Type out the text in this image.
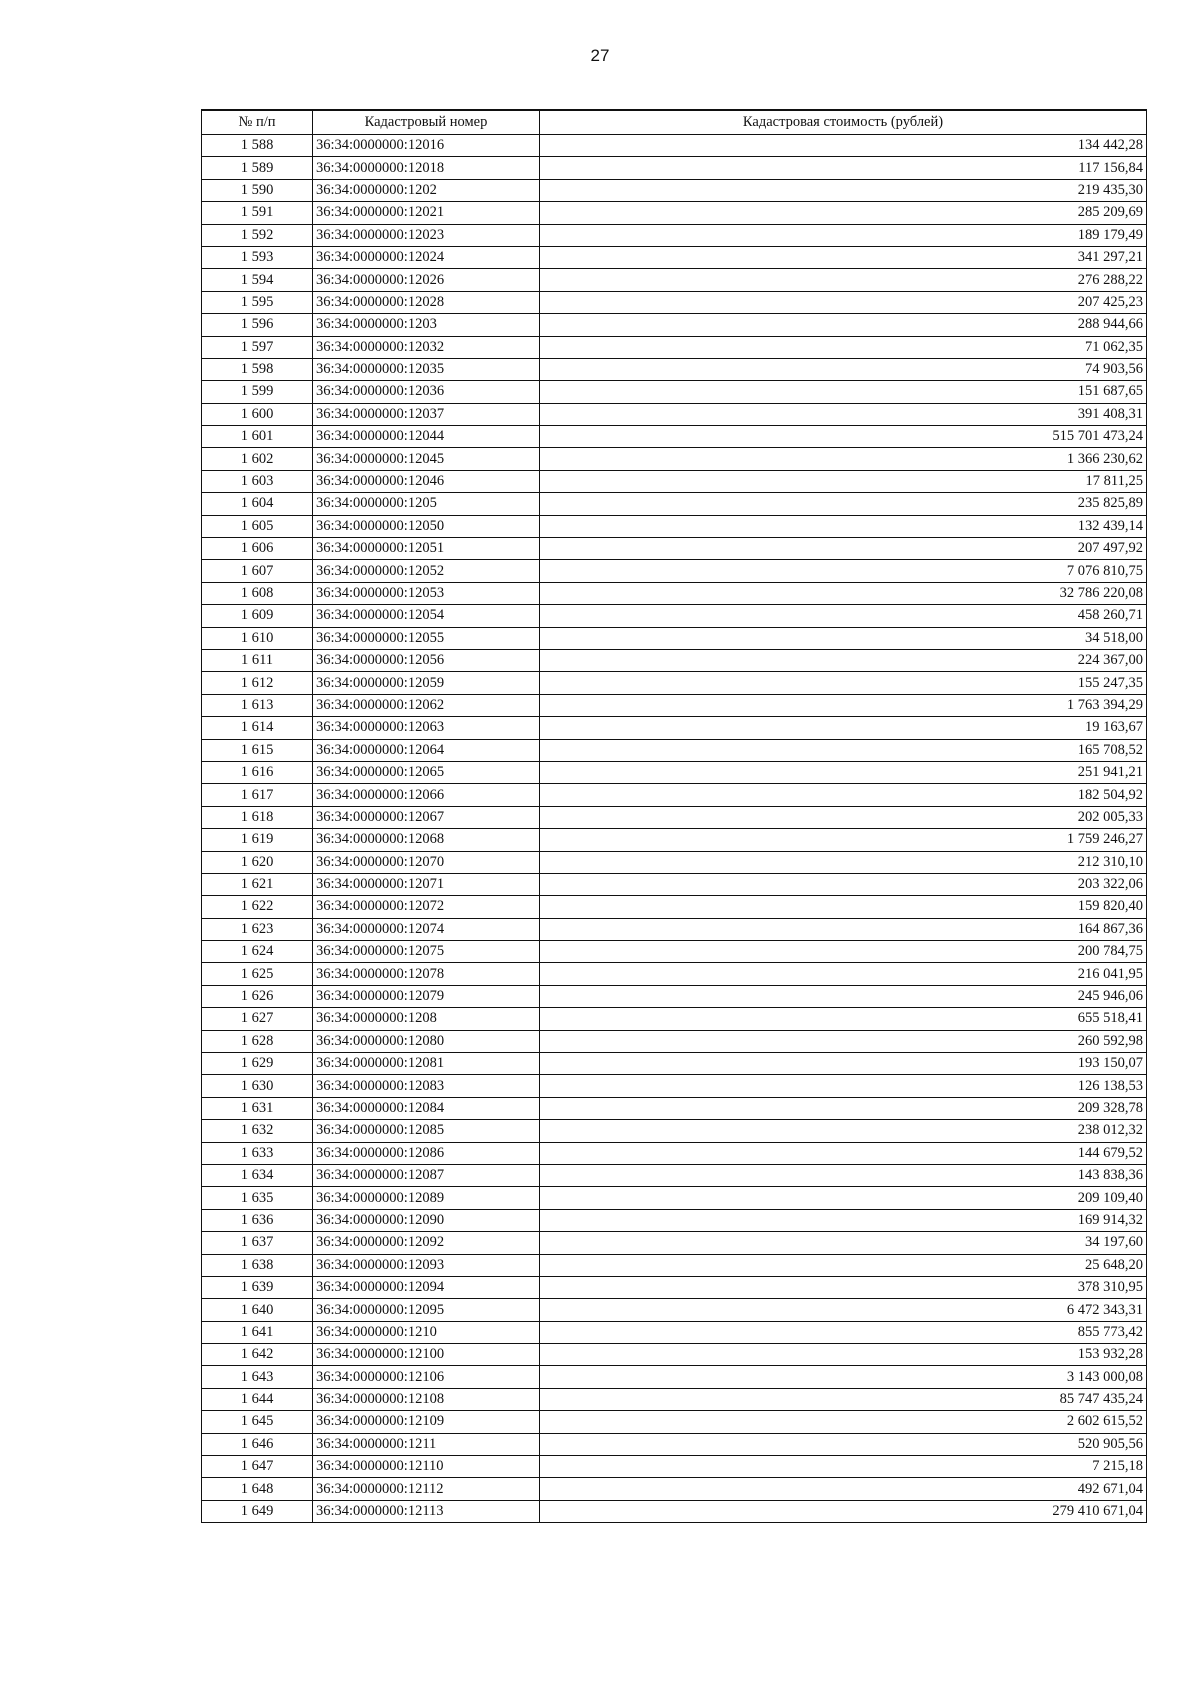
27
№ п/п	Кадастровый номер	Кадастровая стоимость (рублей)
1 588	36:34:0000000:12016	134 442,28
1 589	36:34:0000000:12018	117 156,84
1 590	36:34:0000000:1202	219 435,30
1 591	36:34:0000000:12021	285 209,69
1 592	36:34:0000000:12023	189 179,49
1 593	36:34:0000000:12024	341 297,21
1 594	36:34:0000000:12026	276 288,22
1 595	36:34:0000000:12028	207 425,23
1 596	36:34:0000000:1203	288 944,66
1 597	36:34:0000000:12032	71 062,35
1 598	36:34:0000000:12035	74 903,56
1 599	36:34:0000000:12036	151 687,65
1 600	36:34:0000000:12037	391 408,31
1 601	36:34:0000000:12044	515 701 473,24
1 602	36:34:0000000:12045	1 366 230,62
1 603	36:34:0000000:12046	17 811,25
1 604	36:34:0000000:1205	235 825,89
1 605	36:34:0000000:12050	132 439,14
1 606	36:34:0000000:12051	207 497,92
1 607	36:34:0000000:12052	7 076 810,75
1 608	36:34:0000000:12053	32 786 220,08
1 609	36:34:0000000:12054	458 260,71
1 610	36:34:0000000:12055	34 518,00
1 611	36:34:0000000:12056	224 367,00
1 612	36:34:0000000:12059	155 247,35
1 613	36:34:0000000:12062	1 763 394,29
1 614	36:34:0000000:12063	19 163,67
1 615	36:34:0000000:12064	165 708,52
1 616	36:34:0000000:12065	251 941,21
1 617	36:34:0000000:12066	182 504,92
1 618	36:34:0000000:12067	202 005,33
1 619	36:34:0000000:12068	1 759 246,27
1 620	36:34:0000000:12070	212 310,10
1 621	36:34:0000000:12071	203 322,06
1 622	36:34:0000000:12072	159 820,40
1 623	36:34:0000000:12074	164 867,36
1 624	36:34:0000000:12075	200 784,75
1 625	36:34:0000000:12078	216 041,95
1 626	36:34:0000000:12079	245 946,06
1 627	36:34:0000000:1208	655 518,41
1 628	36:34:0000000:12080	260 592,98
1 629	36:34:0000000:12081	193 150,07
1 630	36:34:0000000:12083	126 138,53
1 631	36:34:0000000:12084	209 328,78
1 632	36:34:0000000:12085	238 012,32
1 633	36:34:0000000:12086	144 679,52
1 634	36:34:0000000:12087	143 838,36
1 635	36:34:0000000:12089	209 109,40
1 636	36:34:0000000:12090	169 914,32
1 637	36:34:0000000:12092	34 197,60
1 638	36:34:0000000:12093	25 648,20
1 639	36:34:0000000:12094	378 310,95
1 640	36:34:0000000:12095	6 472 343,31
1 641	36:34:0000000:1210	855 773,42
1 642	36:34:0000000:12100	153 932,28
1 643	36:34:0000000:12106	3 143 000,08
1 644	36:34:0000000:12108	85 747 435,24
1 645	36:34:0000000:12109	2 602 615,52
1 646	36:34:0000000:1211	520 905,56
1 647	36:34:0000000:12110	7 215,18
1 648	36:34:0000000:12112	492 671,04
1 649	36:34:0000000:12113	279 410 671,04
